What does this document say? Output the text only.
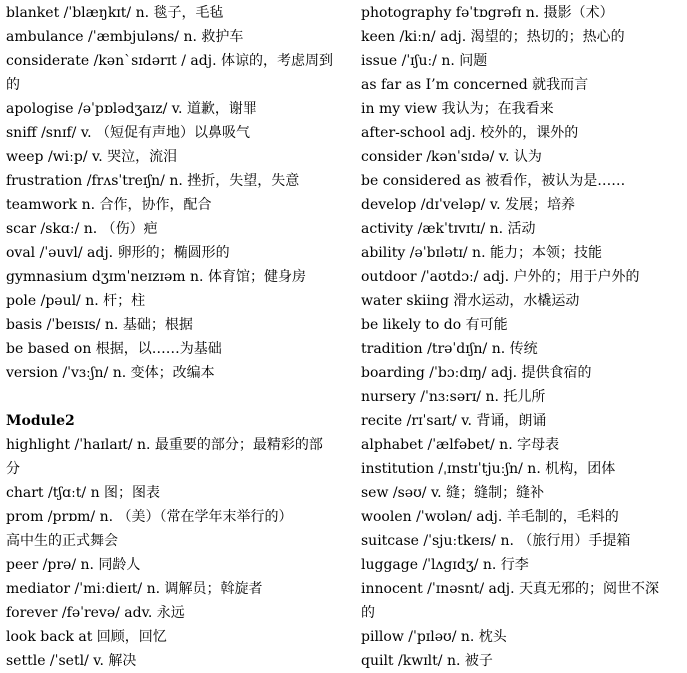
blanket /ˈblæŋkɪt/ n. 毯子，毛毡
ambulance /ˈæmbjuləns/ n. 救护车
considerate /kənˋsɪdərɪt / adj. 体谅的，考虑周到
的
apologise /əˈpɒlədʒaɪz/ v. 道歉，谢罪
sniff /snɪf/ v. （短促有声地）以鼻吸气
weep /wiːp/ v. 哭泣，流泪
frustration /frʌsˈtreɪʃn/ n. 挫折，失望，失意
teamwork n. 合作，协作，配合
scar /skɑː/ n. （伤）疤
oval /ˈəuvl/ adj. 卵形的；椭圆形的
gymnasium dʒɪmˈneɪzɪəm n. 体育馆；健身房
pole /pəul/ n. 杆；柱
basis /ˈbeɪsɪs/ n. 基础；根据
be based on 根据，以……为基础
version /ˈvɜːʃn/ n. 变体；改编本
Module2
highlight /ˈhaɪlaɪt/ n. 最重要的部分；最精彩的部
分
chart /tʃɑːt/ n 图；图表
prom /prɒm/ n. （美）（常在学年末举行的）
高中生的正式舞会
peer /prə/ n. 同龄人
mediator /ˈmiːdieɪt/ n. 调解员；斡旋者
forever /fəˈrevə/ adv. 永远
look back at 回顾，回忆
settle /ˈsetl/ v. 解决
photography fəˈtɒgrəfɪ n. 摄影（术）
keen /kiːn/ adj. 渴望的；热切的；热心的
issue /ˈɪʃuː/ n. 问题
as far as I’m concerned 就我而言
in my view 我认为；在我看来
after-school adj. 校外的，课外的
consider /kənˈsɪdə/ v. 认为
be considered as 被看作，被认为是……
develop /dɪˈveləp/ v. 发展；培养
activity /ækˈtɪvɪtɪ/ n. 活动
ability /əˈbɪlətɪ/ n. 能力；本领；技能
outdoor /ˈaʊtdɔː/ adj. 户外的；用于户外的
water skiing 滑水运动，水橇运动
be likely to do 有可能
tradition /trəˈdɪʃn/ n. 传统
boarding /ˈbɔːdɪŋ/ adj. 提供食宿的
nursery /ˈnɜːsərɪ/ n. 托儿所
recite /rɪˈsaɪt/ v. 背诵，朗诵
alphabet /ˈælfəbet/ n. 字母表
institution /ˌɪnstɪˈtjuːʃn/ n. 机构，团体
sew /səʊ/ v. 缝；缝制；缝补
woolen /ˈwʊlən/ adj. 羊毛制的，毛料的
suitcase /ˈsjuːtkeɪs/ n. （旅行用）手提箱
luggage /ˈlʌgɪdʒ/ n. 行李
innocent /ˈɪnəsnt/ adj. 天真无邪的；阅世不深
的
pillow /ˈpɪləʊ/ n. 枕头
quilt /kwɪlt/ n. 被子
